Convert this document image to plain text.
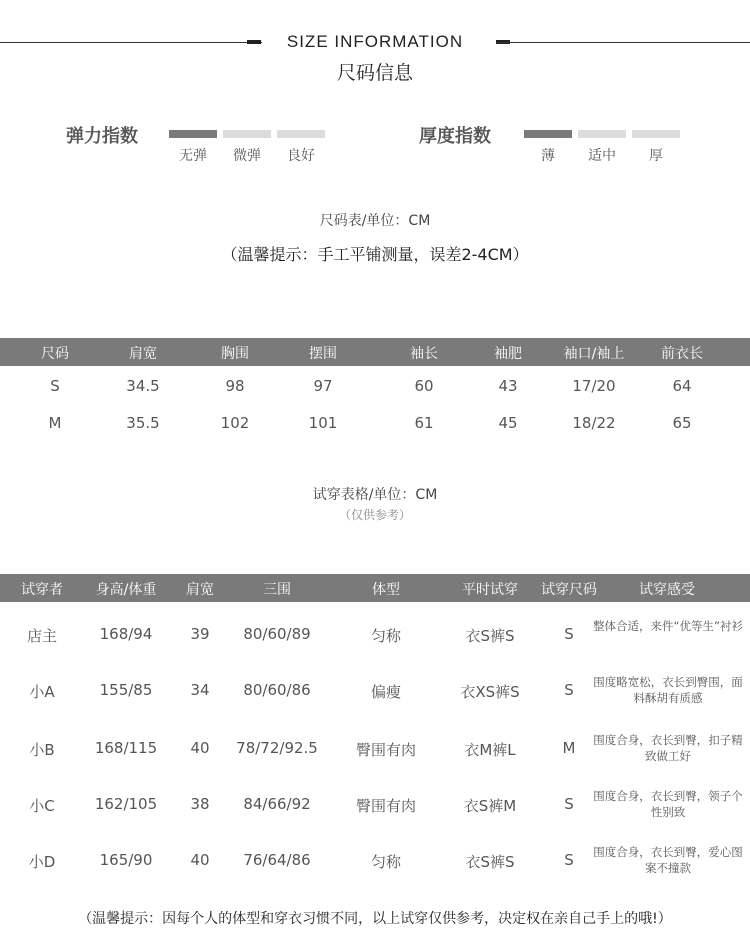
SIZE INFORMATION
尺码信息
弹力指数
无弹	微弹	良好
厚度指数
薄	适中	厚
尺码表/单位：CM
（温馨提示：手工平铺测量，误差2-4CM）
尺码	肩宽	胸围	摆围	袖长	袖肥	袖口/袖上	前衣长
S	34.5	98	97	60	43	17/20	64
M	35.5	102	101	61	45	18/22	65
试穿表格/单位：CM
（仅供参考）
试穿者	身高/体重	肩宽	三围	体型	平时试穿	试穿尺码	试穿感受
店主	168/94	39	80/60/89	匀称	衣S裤S	S	整体合适，来件“优等生”衬衫
小A	155/85	34	80/60/86	偏瘦	衣XS裤S	S	围度略宽松，衣长到臀围，面料酥胡有质感
小B	168/115	40	78/72/92.5	臀围有肉	衣M裤L	M	围度合身，衣长到臀，扣子精致做工好
小C	162/105	38	84/66/92	臀围有肉	衣S裤M	S	围度合身，衣长到臀，领子个性别致
小D	165/90	40	76/64/86	匀称	衣S裤S	S	围度合身，衣长到臀，爱心图案不撞款
（温馨提示：因每个人的体型和穿衣习惯不同，以上试穿仅供参考，决定权在亲自己手上的哦!）
